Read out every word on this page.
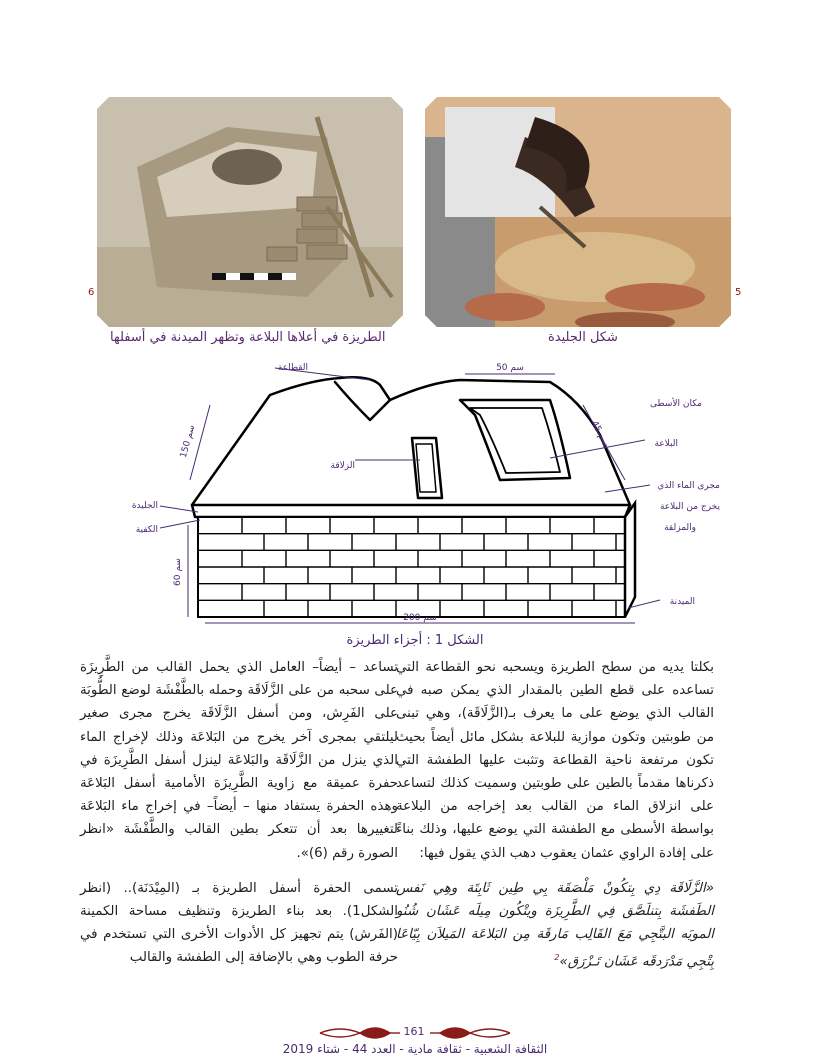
6	5
الطريزة في أعلاها البلاعة وتظهر الميدنة في أسفلها	شكل الجليدة
القطاعة
مكان الأسطى
البلاعة
الزلاقة
مجرى الماء الذي
يخرج من البلاعة
والمزلقة
الجليدة
الكفية
الميدنة
50 سم
45 سم
150 سم
60 سم
200 سم
الشكل 1 : أجزاء الطريزة

بكلتا يديه من سطح الطريزة ويسحبه نحو القطاعة التي تساعده على قطع الطين بالمقدار الذي يمكن صبه في القالب الذي يوضع على ما يعرف بـ(الزَّلَاقَة)، وهي تبنى من طوبتين وتكون موازية للبلاعة بشكل مائل أيضاً بحيث تكون مرتفعة ناحية القطاعة وتثبت عليها الطفشة التي ذكرناها مقدماً بالطين على طوبتين وسميت كذلك لتساعد على انزلاق الماء من القالب بعد إخراجه من البلاعة بواسطة الأسطى مع الطفشة التي يوضع عليها، وذلك بناءً على إفادة الراوي عثمان يعقوب دهب الذي يقول فيها:

«الزَّلَاقَة دِي بِتكُونْ مَلْصَقَة بِي طِين ثَابِتَة وهِي نَفس الطَفشَة بِتنلَصَّق فِي الطَّرِيزَة ويتْكُون مِيلَه عَشَان شُنُو المويَه البتَّجِي مَعَ القَالِب مَارقَة مِن البَلاعَة المَيلاَن بِيّاعَا بِتْجِي مَدْرَدقَه عَشَان تَـزْرَق»$^2$

تساعد – أيضاً– العامل الذي يحمل القالب من الطَّرِيزَة على سحبه من على الزَّلَاقَة وحمله بالطَّفْشَة لوضع الطُّوبَة على الفَرِش، ومن أسفل الزَّلَاقَة يخرج مجرى صغير ليلتقي بمجرى آخر يخرج من البَلاعَة وذلك لإخراج الماء الذي ينزل من الزَّلَاقَة والبَلاعَة لينزل أسفل الطَّرِيزَة في حفرة عميقة مع زاوية الطَّرِيزَة الأمامية أسفل البَلاعَة وهذه الحفرة يستفاد منها – أيضاً– في إخراج ماء البَلاعَة لتغييرها بعد أن تتعكر بطين القالب والطَّفْشَة «انظر الصورة رقم (6)».

تسمى الحفرة أسفل الطريزة بـ (المِيْدَنَة).. (انظر الشكل1). بعد بناء الطريزة وتنظيف مساحة الكمينة (الفَرش) يتم تجهيز كل الأدوات الأخرى التي تستخدم في حرفة الطوب وهي بالإضافة إلى الطفشة والقالب

161
الثقافة الشعبية - ثقافة مادية - العدد 44 - شتاء 2019
